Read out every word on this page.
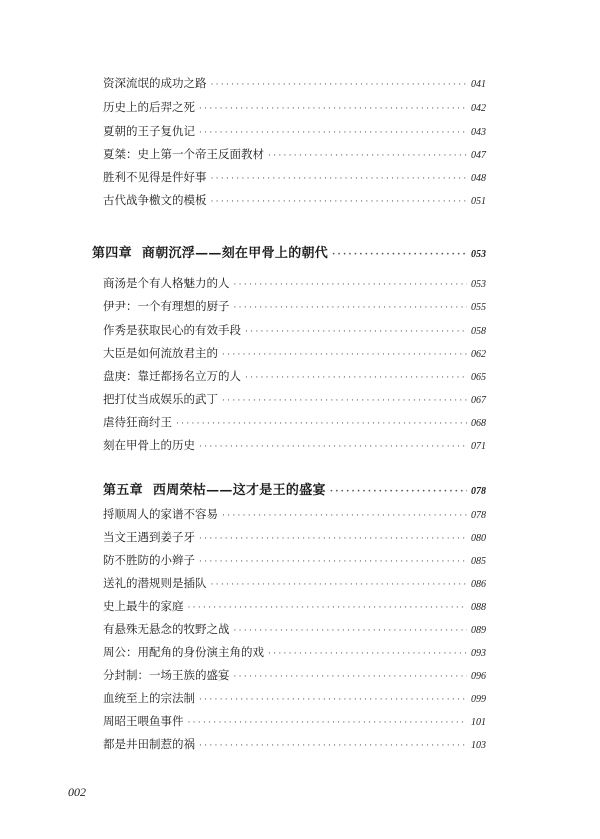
资深流氓的成功之路 ·····	041
历史上的后羿之死 ·····	042
夏朝的王子复仇记 ·····	043
夏桀：史上第一个帝王反面教材 ·····	047
胜利不见得是件好事 ·····	048
古代战争檄文的模板 ·····	051
第四章 商朝沉浮——刻在甲骨上的朝代 ·····	053
商汤是个有人格魅力的人 ·····	053
伊尹：一个有理想的厨子 ·····	055
作秀是获取民心的有效手段 ·····	058
大臣是如何流放君主的 ·····	062
盘庚：靠迁都扬名立万的人 ·····	065
把打仗当成娱乐的武丁 ·····	067
虐待狂商纣王 ·····	068
刻在甲骨上的历史 ·····	071
第五章 西周荣枯——这才是王的盛宴 ·····	078
捋顺周人的家谱不容易 ·····	078
当文王遇到姜子牙 ·····	080
防不胜防的小辫子 ·····	085
送礼的潜规则是插队 ·····	086
史上最牛的家庭 ·····	088
有悬殊无悬念的牧野之战 ·····	089
周公：用配角的身份演主角的戏 ·····	093
分封制：一场王族的盛宴 ·····	096
血统至上的宗法制 ·····	099
周昭王喂鱼事件 ·····	101
都是井田制惹的祸 ·····	103
002
